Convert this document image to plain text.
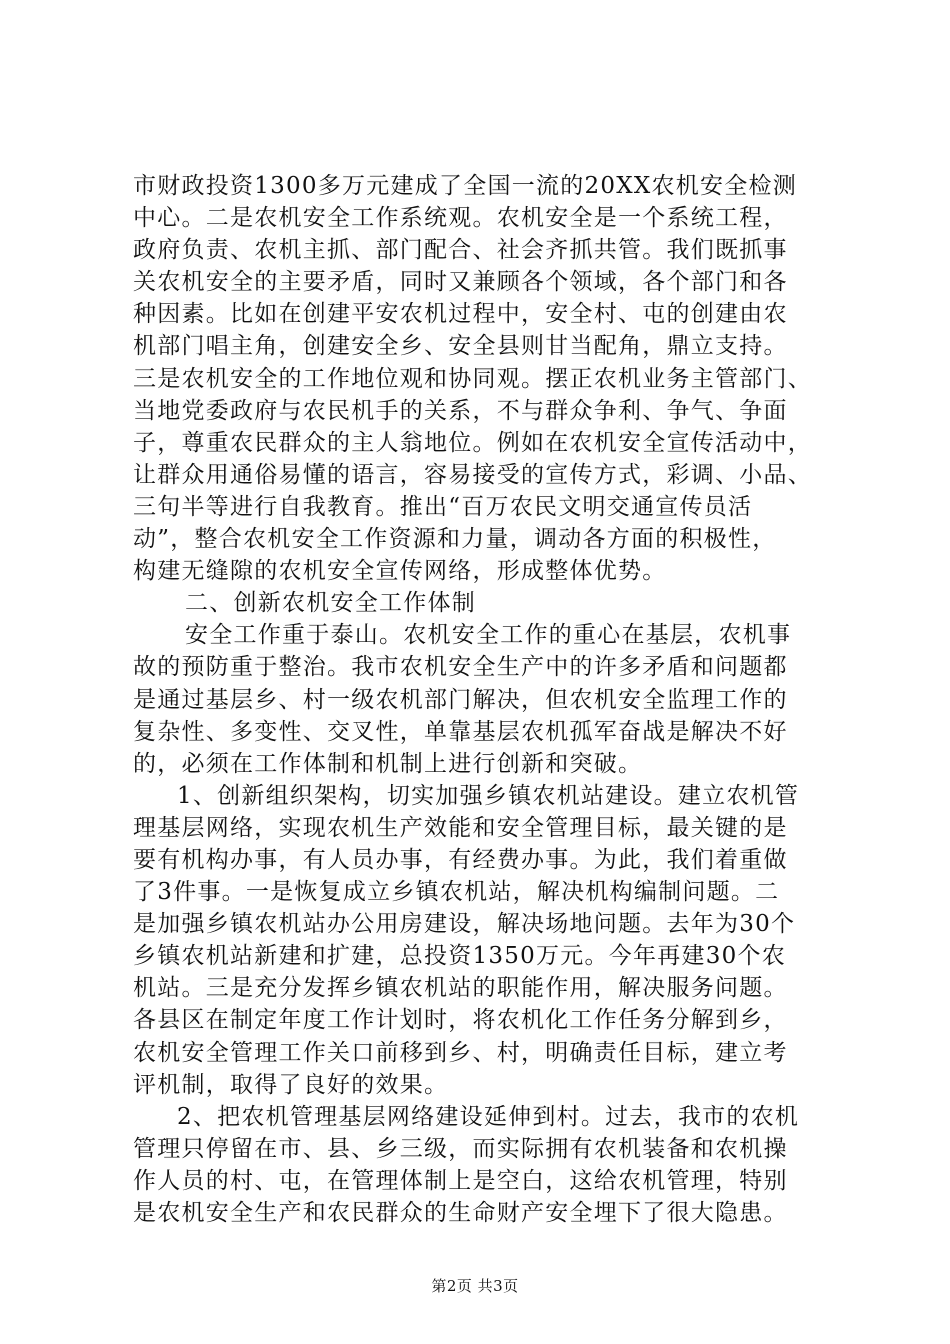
市财政投资1300多万元建成了全国一流的20XX农机安全检测
中心。二是农机安全工作系统观。农机安全是一个系统工程，
政府负责、农机主抓、部门配合、社会齐抓共管。我们既抓事
关农机安全的主要矛盾，同时又兼顾各个领域，各个部门和各
种因素。比如在创建平安农机过程中，安全村、屯的创建由农
机部门唱主角，创建安全乡、安全县则甘当配角，鼎立支持。
三是农机安全的工作地位观和协同观。摆正农机业务主管部门、
当地党委政府与农民机手的关系，不与群众争利、争气、争面
子，尊重农民群众的主人翁地位。例如在农机安全宣传活动中，
让群众用通俗易懂的语言，容易接受的宣传方式，彩调、小品、
三句半等进行自我教育。推出“百万农民文明交通宣传员活
动”，整合农机安全工作资源和力量，调动各方面的积极性，
构建无缝隙的农机安全宣传网络，形成整体优势。
二、创新农机安全工作体制
安全工作重于泰山。农机安全工作的重心在基层，农机事
故的预防重于整治。我市农机安全生产中的许多矛盾和问题都
是通过基层乡、村一级农机部门解决，但农机安全监理工作的
复杂性、多变性、交叉性，单靠基层农机孤军奋战是解决不好
的，必须在工作体制和机制上进行创新和突破。
1、创新组织架构，切实加强乡镇农机站建设。建立农机管
理基层网络，实现农机生产效能和安全管理目标，最关键的是
要有机构办事，有人员办事，有经费办事。为此，我们着重做
了3件事。一是恢复成立乡镇农机站，解决机构编制问题。二
是加强乡镇农机站办公用房建设，解决场地问题。去年为30个
乡镇农机站新建和扩建，总投资1350万元。今年再建30个农
机站。三是充分发挥乡镇农机站的职能作用，解决服务问题。
各县区在制定年度工作计划时，将农机化工作任务分解到乡，
农机安全管理工作关口前移到乡、村，明确责任目标，建立考
评机制，取得了良好的效果。
2、把农机管理基层网络建设延伸到村。过去，我市的农机
管理只停留在市、县、乡三级，而实际拥有农机装备和农机操
作人员的村、屯，在管理体制上是空白，这给农机管理，特别
是农机安全生产和农民群众的生命财产安全埋下了很大隐患。
第2页 共3页
